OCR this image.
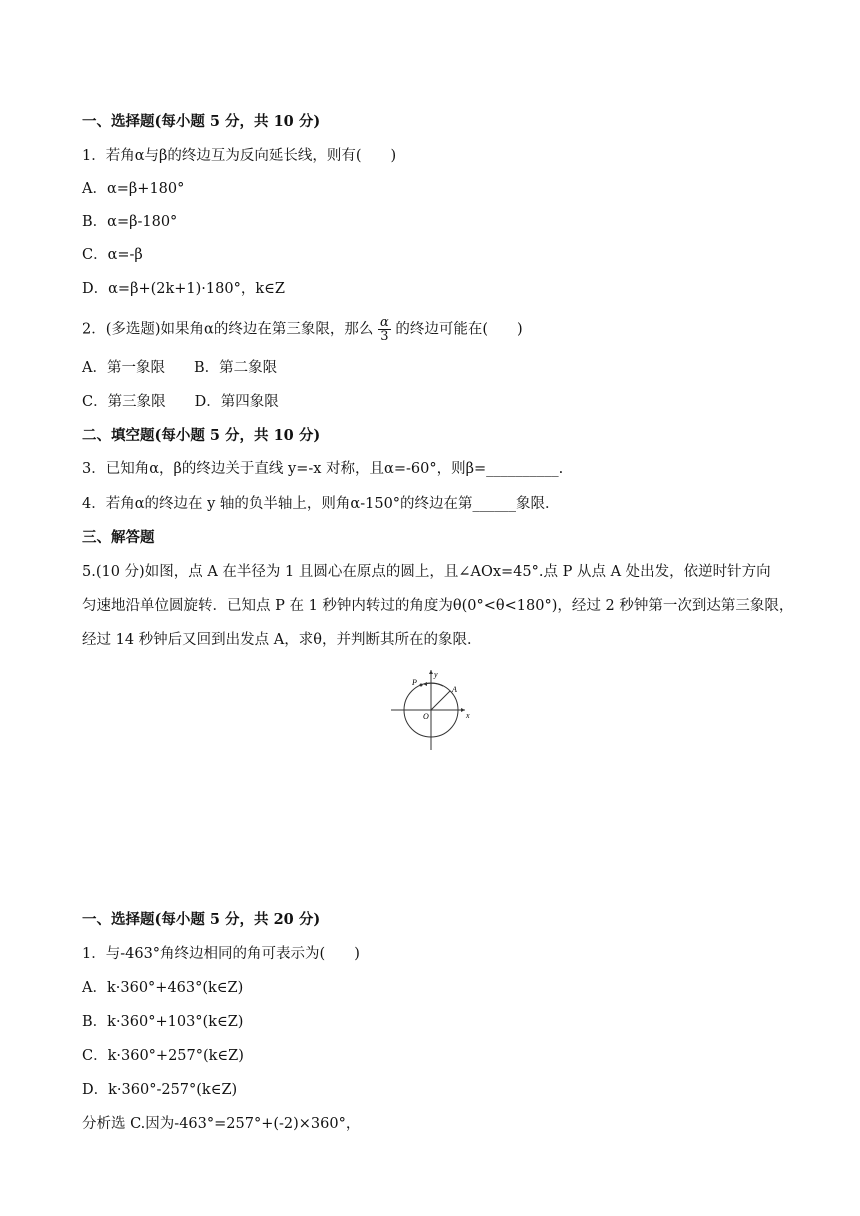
一、选择题(每小题 5 分，共 10 分)
1．若角α与β的终边互为反向延长线，则有(　　)
A．α=β+180°
B．α=β-180°
C．α=-β
D．α=β+(2k+1)·180°，k∈Z
2．(多选题)如果角α的终边在第三象限，那么 $\frac{\alpha}{3}$ 的终边可能在(　　)
A．第一象限　　B．第二象限
C．第三象限　　D．第四象限
二、填空题(每小题 5 分，共 10 分)
3．已知角α，β的终边关于直线 y=-x 对称，且α=-60°，则β=__________.
4．若角α的终边在 y 轴的负半轴上，则角α-150°的终边在第______象限．
三、解答题
5.(10 分)如图，点 A 在半径为 1 且圆心在原点的圆上，且∠AOx=45°.点 P 从点 A 处出发，依逆时针方向
匀速地沿单位圆旋转．已知点 P 在 1 秒钟内转过的角度为θ(0°<θ<180°)，经过 2 秒钟第一次到达第三象限，
经过 14 秒钟后又回到出发点 A，求θ，并判断其所在的象限．
y
x
O
A
P
一、选择题(每小题 5 分，共 20 分)
1．与-463°角终边相同的角可表示为(　　)
A．k·360°+463°(k∈Z)
B．k·360°+103°(k∈Z)
C．k·360°+257°(k∈Z)
D．k·360°-257°(k∈Z)
分析选 C.因为-463°=257°+(-2)×360°，
